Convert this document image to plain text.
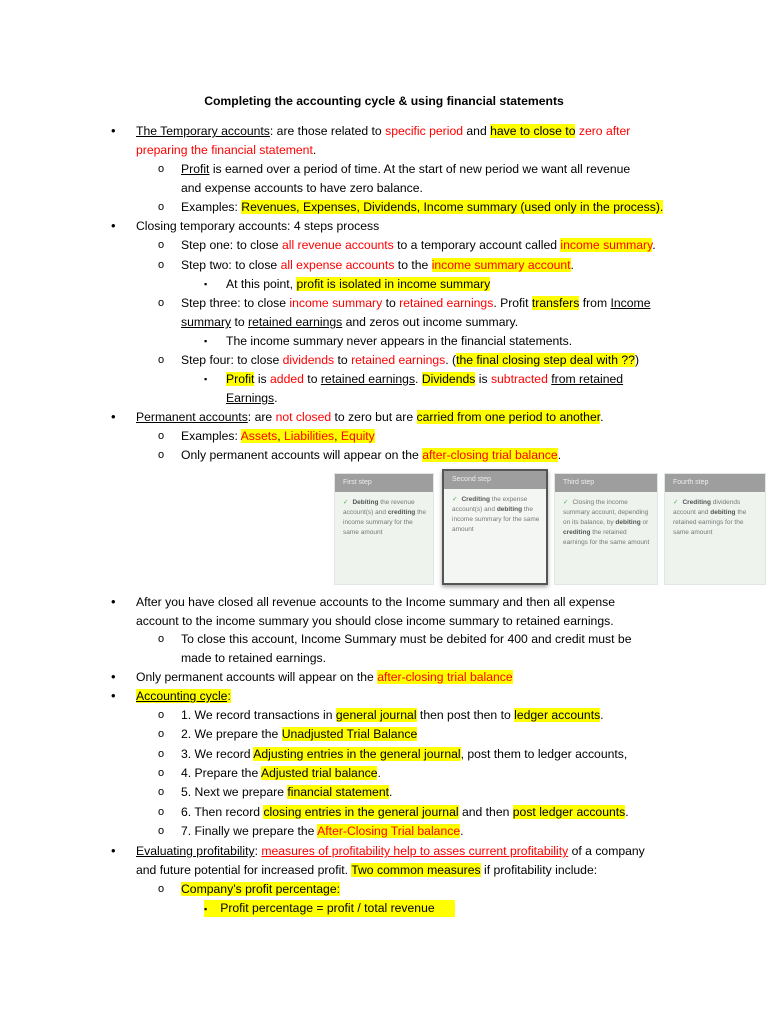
Completing the accounting cycle & using financial statements
• The Temporary accounts: are those related to specific period and have to close to zero after
preparing the financial statement.
o Profit is earned over a period of time. At the start of new period we want all revenue
and expense accounts to have zero balance.
o Examples: Revenues, Expenses, Dividends, Income summary (used only in the process).
• Closing temporary accounts: 4 steps process
o Step one: to close all revenue accounts to a temporary account called income summary.
o Step two: to close all expense accounts to the income summary account.
▪ At this point, profit is isolated in income summary
o Step three: to close income summary to retained earnings. Profit transfers from Income
summary to retained earnings and zeros out income summary.
▪ The income summary never appears in the financial statements.
o Step four: to close dividends to retained earnings. (the final closing step deal with ??)
▪ Profit is added to retained earnings. Dividends is subtracted from retained
Earnings.
• Permanent accounts: are not closed to zero but are carried from one period to another.
o Examples: Assets, Liabilities, Equity
o Only permanent accounts will appear on the after-closing trial balance.
First step
✓ Debiting the revenue account(s) and crediting the income summary for the same amount
Second step
✓ Crediting the expense account(s) and debiting the income summary for the same amount
Third step
✓ Closing the income summary account, depending on its balance, by debiting or crediting the retained earnings for the same amount
Fourth step
✓ Crediting dividends account and debiting the retained earnings for the same amount
• After you have closed all revenue accounts to the Income summary and then all expense
account to the income summary you should close income summary to retained earnings.
o To close this account, Income Summary must be debited for 400 and credit must be
made to retained earnings.
• Only permanent accounts will appear on the after-closing trial balance
• Accounting cycle:
o 1. We record transactions in general journal then post then to ledger accounts.
o 2. We prepare the Unadjusted Trial Balance
o 3. We record Adjusting entries in the general journal, post them to ledger accounts,
o 4. Prepare the Adjusted trial balance.
o 5. Next we prepare financial statement.
o 6. Then record closing entries in the general journal and then post ledger accounts.
o 7. Finally we prepare the After-Closing Trial balance.
• Evaluating profitability: measures of profitability help to asses current profitability of a company
and future potential for increased profit. Two common measures if profitability include:
o Company’s profit percentage:
▪ Profit percentage = profit / total revenue
